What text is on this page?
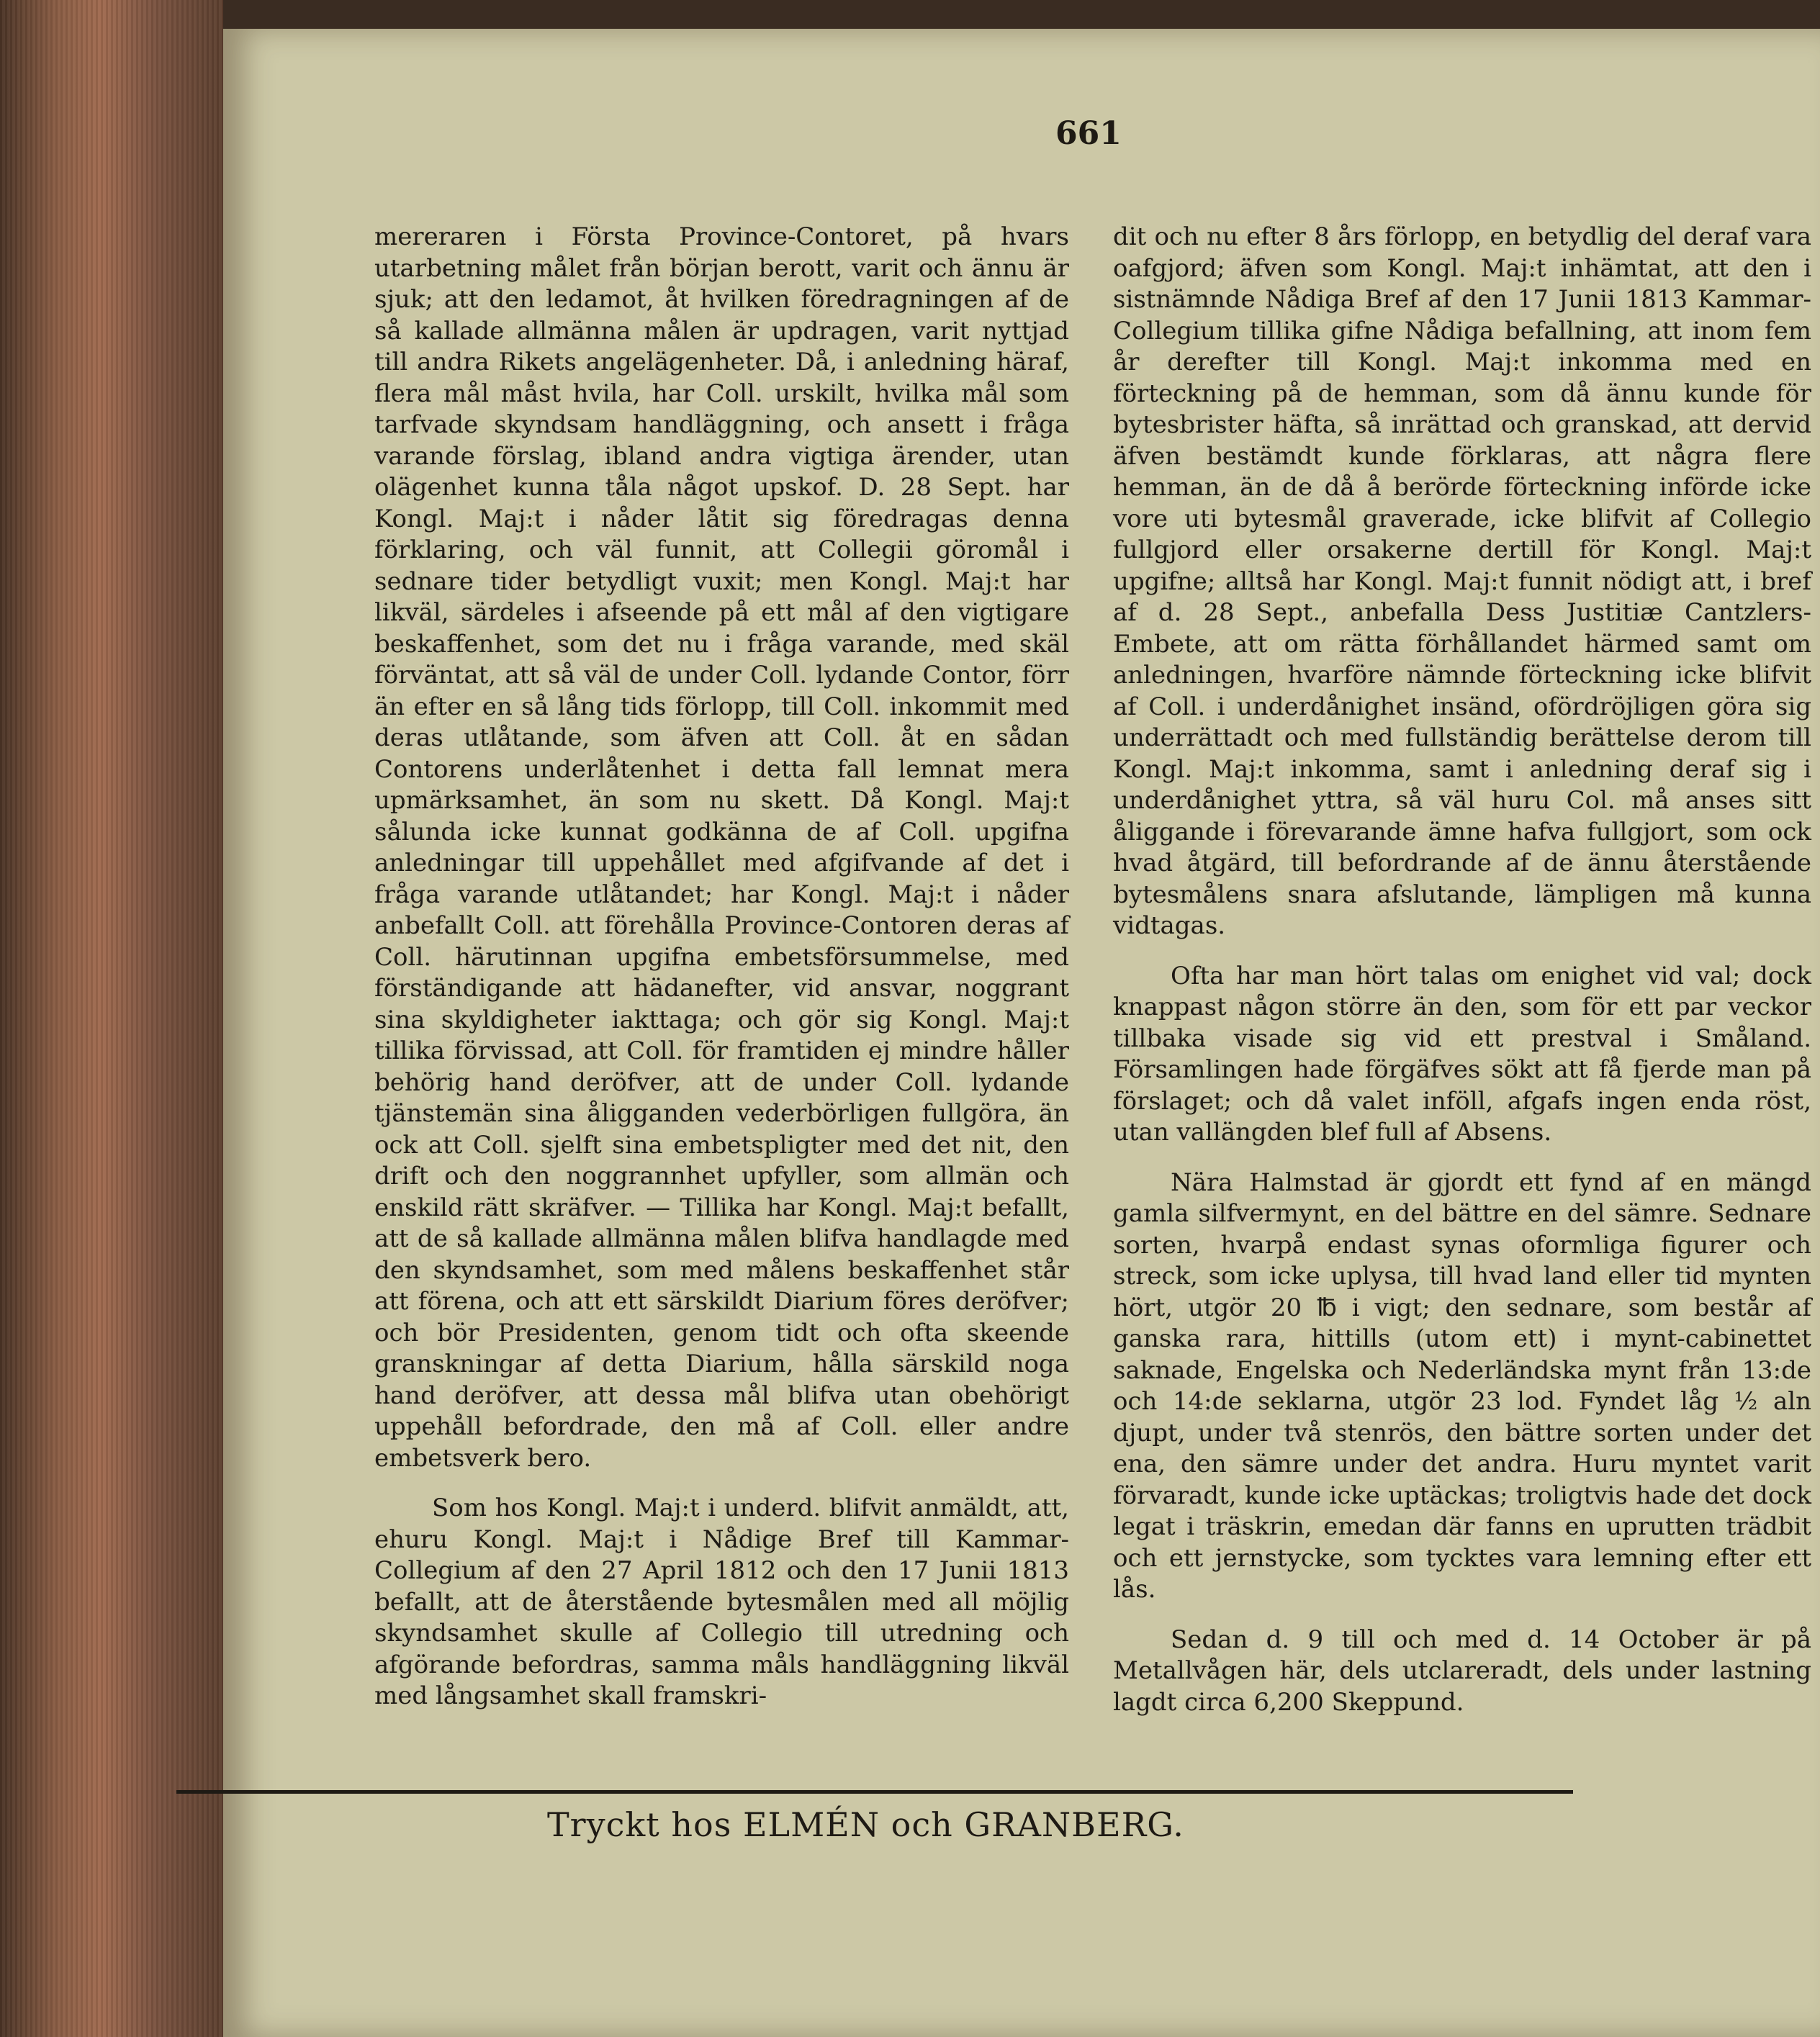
661

mereraren i Första Province-Contoret, på hvars utarbetning målet från början berott, varit och ännu är sjuk; att den ledamot, åt hvilken föredragningen af de så kallade allmänna målen är updragen, varit nyttjad till andra Rikets angelägenheter. Då, i anledning häraf, flera mål måst hvila, har Coll. urskilt, hvilka mål som tarfvade skyndsam handläggning, och ansett i fråga varande förslag, ibland andra vigtiga ärender, utan olägenhet kunna tåla något upskof. D. 28 Sept. har Kongl. Maj:t i nåder låtit sig föredragas denna förklaring, och väl funnit, att Collegii göromål i sednare tider betydligt vuxit; men Kongl. Maj:t har likväl, särdeles i afseende på ett mål af den vigtigare beskaffenhet, som det nu i fråga varande, med skäl förväntat, att så väl de under Coll. lydande Contor, förr än efter en så lång tids förlopp, till Coll. inkommit med deras utlåtande, som äfven att Coll. åt en sådan Contorens underlåtenhet i detta fall lemnat mera upmärksamhet, än som nu skett. Då Kongl. Maj:t sålunda icke kunnat godkänna de af Coll. upgifna anledningar till uppehållet med afgifvande af det i fråga varande utlåtandet; har Kongl. Maj:t i nåder anbefallt Coll. att förehålla Province-Contoren deras af Coll. härutinnan upgifna embetsförsummelse, med förständigande att hädanefter, vid ansvar, noggrant sina skyldigheter iakttaga; och gör sig Kongl. Maj:t tillika förvissad, att Coll. för framtiden ej mindre håller behörig hand deröfver, att de under Coll. lydande tjänstemän sina åligganden vederbörligen fullgöra, än ock att Coll. sjelft sina embetspligter med det nit, den drift och den noggrannhet upfyller, som allmän och enskild rätt skräfver. — Tillika har Kongl. Maj:t befallt, att de så kallade allmänna målen blifva handlagde med den skyndsamhet, som med målens beskaffenhet står att förena, och att ett särskildt Diarium föres deröfver; och bör Presidenten, genom tidt och ofta skeende granskningar af detta Diarium, hålla särskild noga hand deröfver, att dessa mål blifva utan obehörigt uppehåll befordrade, den må af Coll. eller andre embetsverk bero.

Som hos Kongl. Maj:t i underd. blifvit anmäldt, att, ehuru Kongl. Maj:t i Nådige Bref till Kammar-Collegium af den 27 April 1812 och den 17 Junii 1813 befallt, att de återstående bytesmålen med all möjlig skyndsamhet skulle af Collegio till utredning och afgörande befordras, samma måls handläggning likväl med långsamhet skall framskri-

dit och nu efter 8 års förlopp, en betydlig del deraf vara oafgjord; äfven som Kongl. Maj:t inhämtat, att den i sistnämnde Nådiga Bref af den 17 Junii 1813 Kammar-Collegium tillika gifne Nådiga befallning, att inom fem år derefter till Kongl. Maj:t inkomma med en förteckning på de hemman, som då ännu kunde för bytesbrister häfta, så inrättad och granskad, att dervid äfven bestämdt kunde förklaras, att några flere hemman, än de då å berörde förteckning införde icke vore uti bytesmål graverade, icke blifvit af Collegio fullgjord eller orsakerne dertill för Kongl. Maj:t upgifne; alltså har Kongl. Maj:t funnit nödigt att, i bref af d. 28 Sept., anbefalla Dess Justitiæ Cantzlers-Embete, att om rätta förhållandet härmed samt om anledningen, hvarföre nämnde förteckning icke blifvit af Coll. i underdånighet insänd, ofördröjligen göra sig underrättadt och med fullständig berättelse derom till Kongl. Maj:t inkomma, samt i anledning deraf sig i underdånighet yttra, så väl huru Col. må anses sitt åliggande i förevarande ämne hafva fullgjort, som ock hvad åtgärd, till befordrande af de ännu återstående bytesmålens snara afslutande, lämpligen må kunna vidtagas.

Ofta har man hört talas om enighet vid val; dock knappast någon större än den, som för ett par veckor tillbaka visade sig vid ett prestval i Småland. Församlingen hade förgäfves sökt att få fjerde man på förslaget; och då valet inföll, afgafs ingen enda röst, utan vallängden blef full af Absens.

Nära Halmstad är gjordt ett fynd af en mängd gamla silfvermynt, en del bättre en del sämre. Sednare sorten, hvarpå endast synas oformliga figurer och streck, som icke uplysa, till hvad land eller tid mynten hört, utgör 20 ℔ i vigt; den sednare, som består af ganska rara, hittills (utom ett) i mynt-cabinettet saknade, Engelska och Nederländska mynt från 13:de och 14:de seklarna, utgör 23 lod. Fyndet låg ½ aln djupt, under två stenrös, den bättre sorten under det ena, den sämre under det andra. Huru myntet varit förvaradt, kunde icke uptäckas; troligtvis hade det dock legat i träskrin, emedan där fanns en uprutten trädbit och ett jernstycke, som tycktes vara lemning efter ett lås.

Sedan d. 9 till och med d. 14 October är på Metallvågen här, dels utclareradt, dels under lastning lagdt circa 6,200 Skeppund.

Tryckt hos ELMÉN och GRANBERG.
